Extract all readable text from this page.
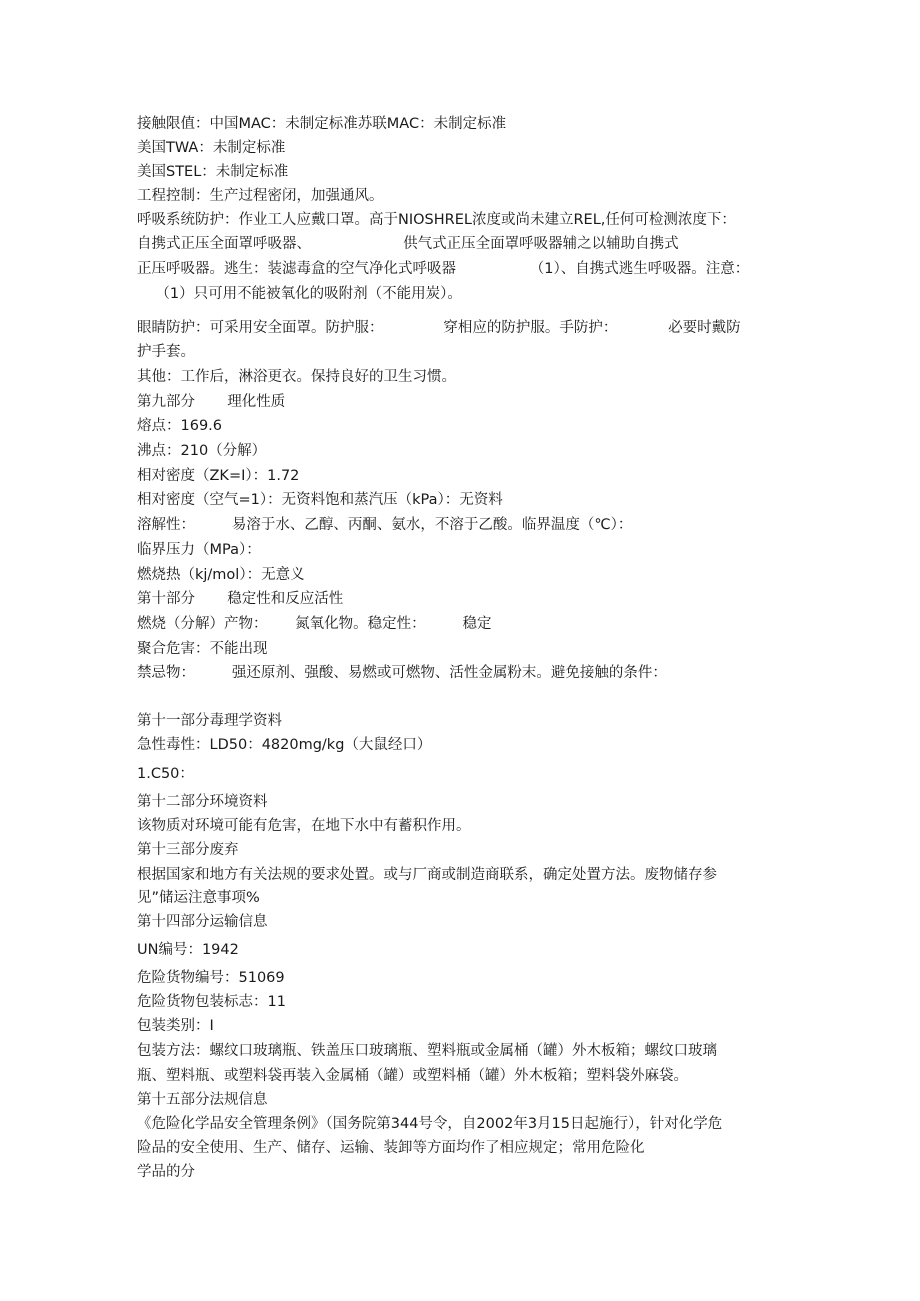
接触限值：中国MAC：未制定标准苏联MAC：未制定标准
美国TWA：未制定标准
美国STEL：未制定标准
工程控制：生产过程密闭，加强通风。
呼吸系统防护：作业工人应戴口罩。高于NIOSHREL浓度或尚未建立REL,任何可检测浓度下：
自携式正压全面罩呼吸器、                    供气式正压全面罩呼吸器辅之以辅助自携式
正压呼吸器。逃生：装滤毒盒的空气净化式呼吸器                （1）、自携式逃生呼吸器。注意：
（1）只可用不能被氧化的吸附剂（不能用炭）。
眼睛防护：可采用安全面罩。防护服：             穿相应的防护服。手防护：           必要时戴防
护手套。
其他：工作后，淋浴更衣。保持良好的卫生习惯。
第九部分       理化性质
熔点：169.6
沸点：210（分解）
相对密度（ZK=I）：1.72
相对密度（空气=1）：无资料饱和蒸汽压（kPa）：无资料
溶解性：        易溶于水、乙醇、丙酮、氨水，不溶于乙酸。临界温度（℃）：
临界压力（MPa）：
燃烧热（kj/mol）：无意义
第十部分       稳定性和反应活性
燃烧（分解）产物：      氮氧化物。稳定性：        稳定
聚合危害：不能出现
禁忌物：        强还原剂、强酸、易燃或可燃物、活性金属粉末。避免接触的条件：
第十一部分毒理学资料
急性毒性：LD50：4820mg/kg（大鼠经口）
1.C50：
第十二部分环境资料
该物质对环境可能有危害，在地下水中有蓄积作用。
第十三部分废弃
根据国家和地方有关法规的要求处置。或与厂商或制造商联系，确定处置方法。废物储存参
见”储运注意事项%
第十四部分运输信息
UN编号：1942
危险货物编号：51069
危险货物包装标志：11
包装类别：I
包装方法：螺纹口玻璃瓶、铁盖压口玻璃瓶、塑料瓶或金属桶（罐）外木板箱；螺纹口玻璃
瓶、塑料瓶、或塑料袋再装入金属桶（罐）或塑料桶（罐）外木板箱；塑料袋外麻袋。
第十五部分法规信息
《危险化学品安全管理条例》（国务院第344号令，自2002年3月15日起施行），针对化学危
险品的安全使用、生产、储存、运输、装卸等方面均作了相应规定；常用危险化
学品的分
